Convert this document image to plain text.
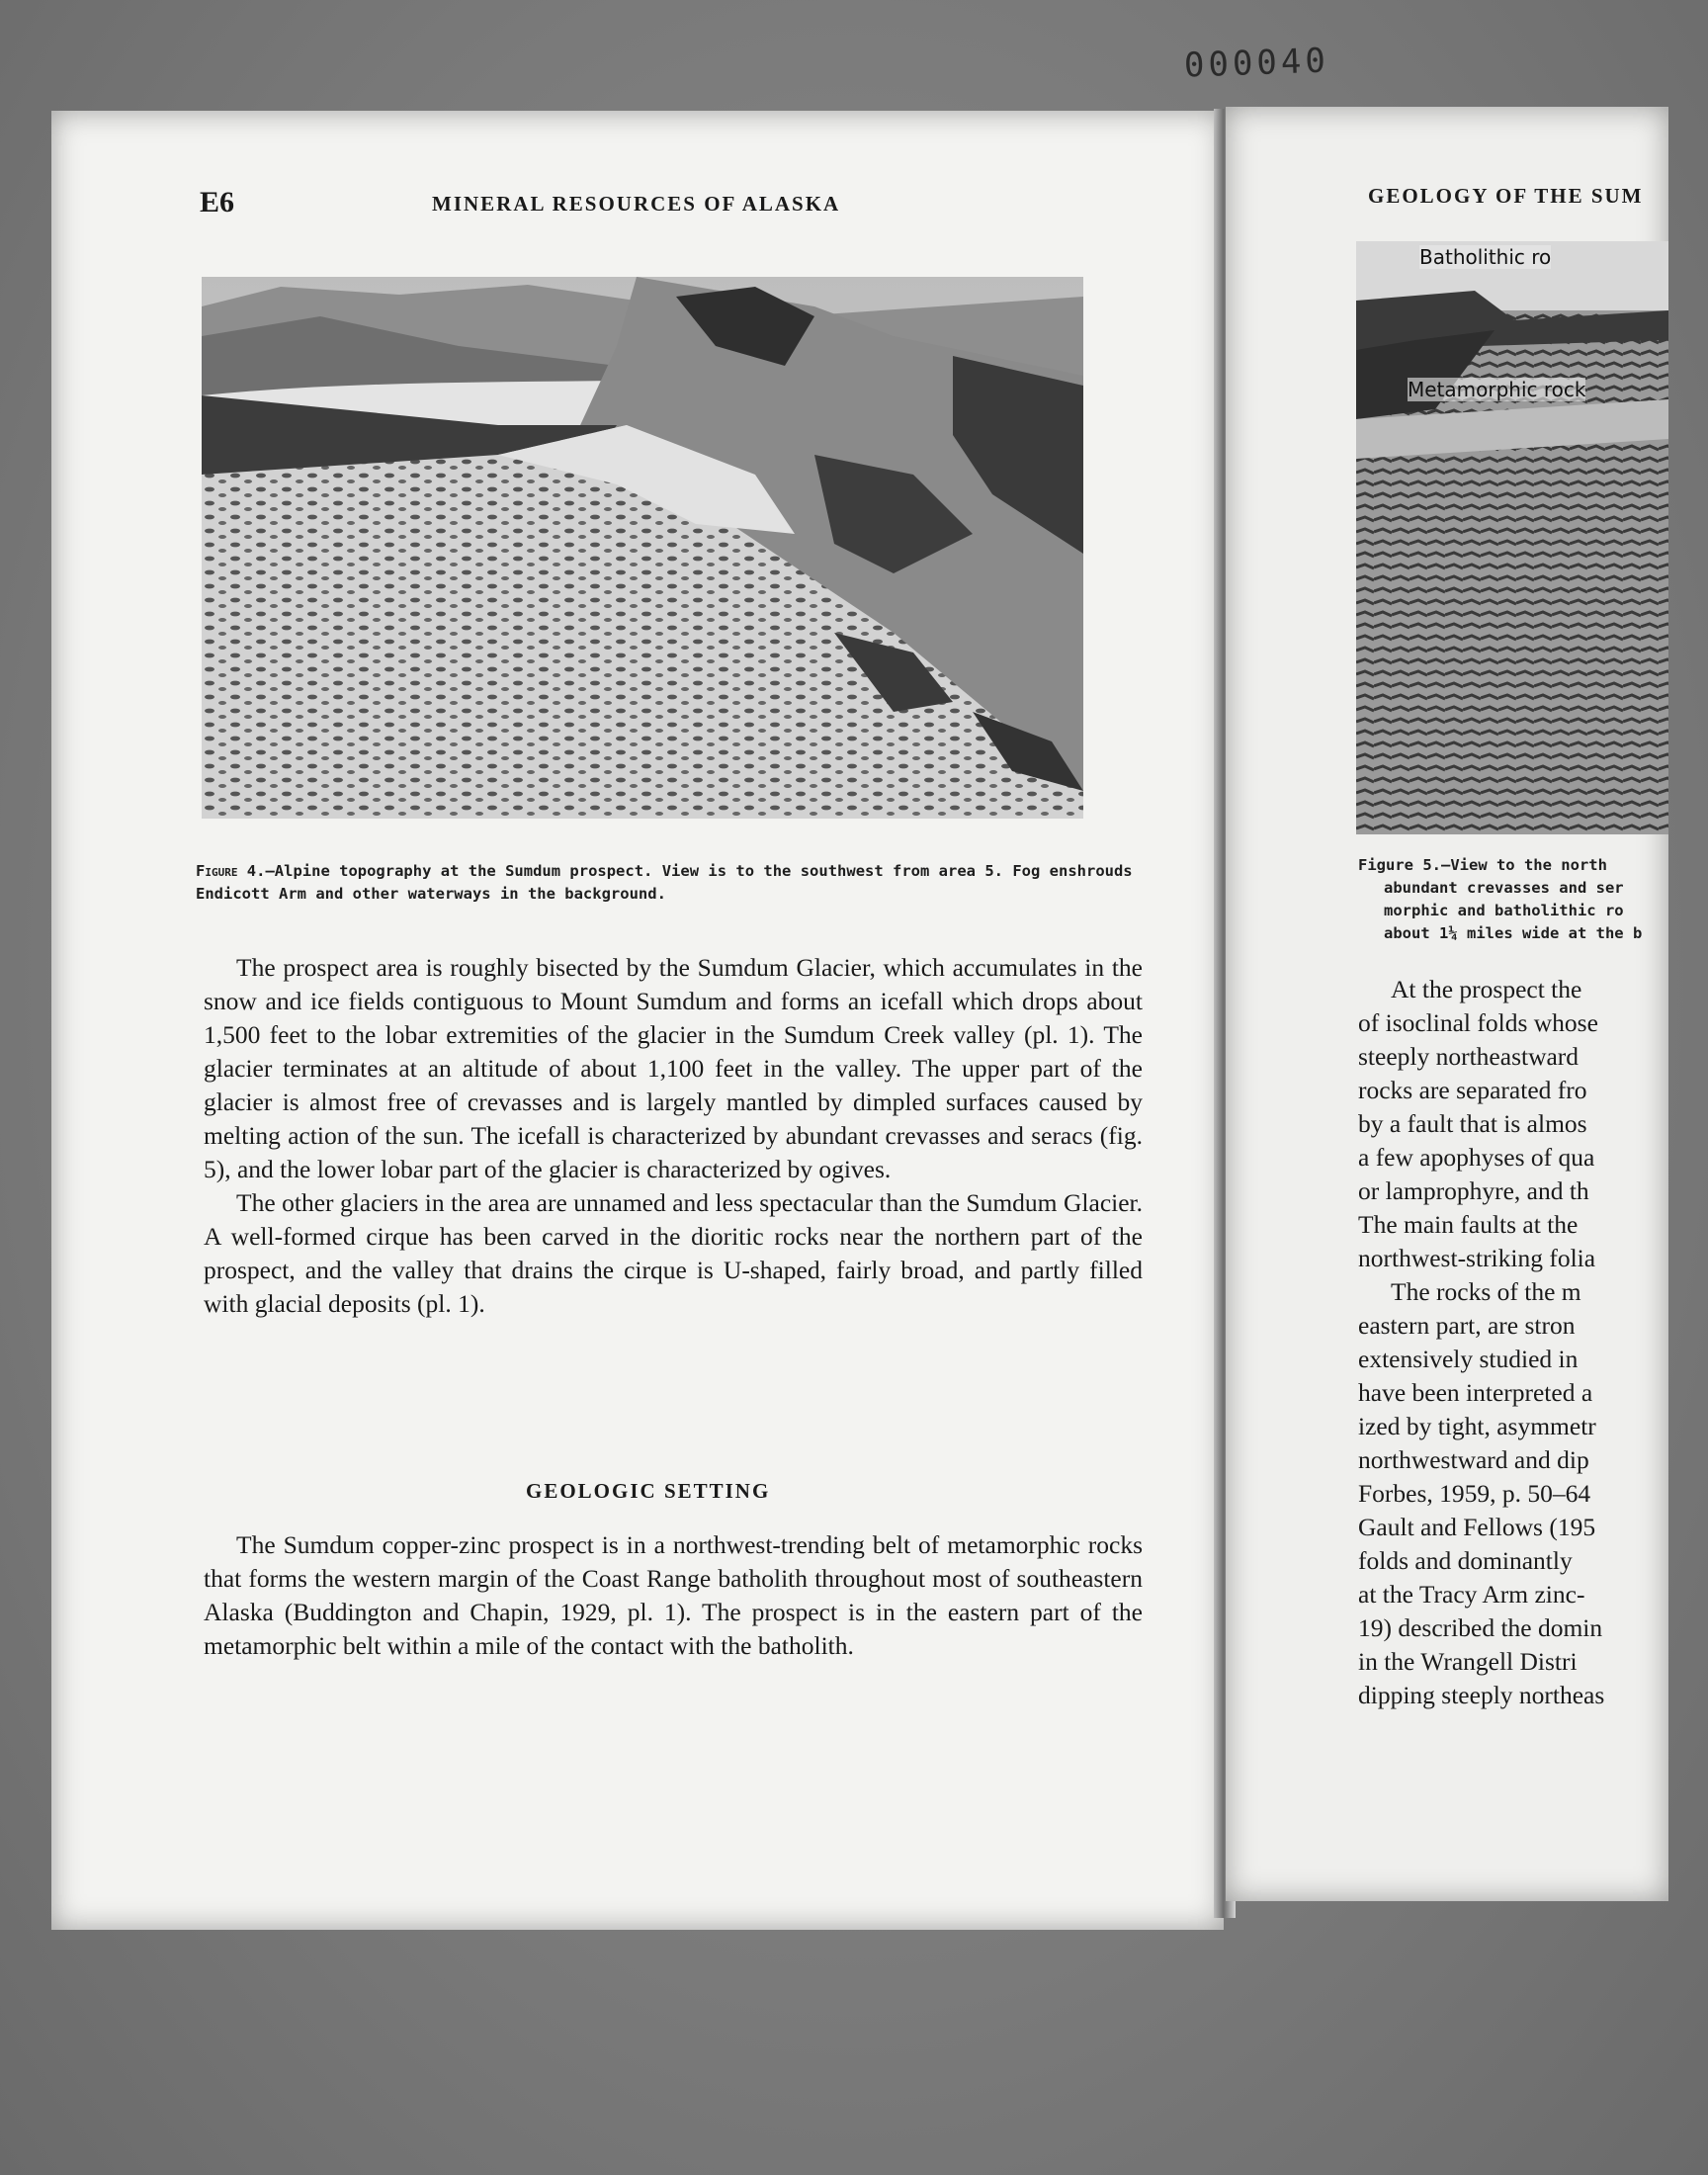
000040
E6	MINERAL RESOURCES OF ALASKA
Figure 4.—Alpine topography at the Sumdum prospect. View is to the southwest from area 5. Fog enshrouds Endicott Arm and other waterways in the background.

The prospect area is roughly bisected by the Sumdum Glacier, which accumulates in the snow and ice fields contiguous to Mount Sumdum and forms an icefall which drops about 1,500 feet to the lobar extremities of the glacier in the Sumdum Creek valley (pl. 1). The glacier terminates at an altitude of about 1,100 feet in the valley. The upper part of the glacier is almost free of crevasses and is largely mantled by dimpled surfaces caused by melting action of the sun. The icefall is characterized by abundant crevasses and seracs (fig. 5), and the lower lobar part of the glacier is characterized by ogives.

The other glaciers in the area are unnamed and less spectacular than the Sumdum Glacier. A well-formed cirque has been carved in the dioritic rocks near the northern part of the prospect, and the valley that drains the cirque is U-shaped, fairly broad, and partly filled with glacial deposits (pl. 1).

GEOLOGIC SETTING

The Sumdum copper-zinc prospect is in a northwest-trending belt of metamorphic rocks that forms the western margin of the Coast Range batholith throughout most of southeastern Alaska (Buddington and Chapin, 1929, pl. 1). The prospect is in the eastern part of the metamorphic belt within a mile of the contact with the batholith.

GEOLOGY OF THE SUM
Batholithic ro
Metamorphic rock
Figure 5.—View to the north
abundant crevasses and ser
morphic and batholithic ro
about 1¼ miles wide at the b
At the prospect the
of isoclinal folds whose
steeply northeastward
rocks are separated fro
by a fault that is almos
a few apophyses of qua
or lamprophyre, and th
The main faults at the
northwest-striking folia
The rocks of the m
eastern part, are stron
extensively studied in
have been interpreted a
ized by tight, asymmetr
northwestward and dip
Forbes, 1959, p. 50–64
Gault and Fellows (195
folds and dominantly
at the Tracy Arm zinc-
19) described the domin
in the Wrangell Distri
dipping steeply northeas
